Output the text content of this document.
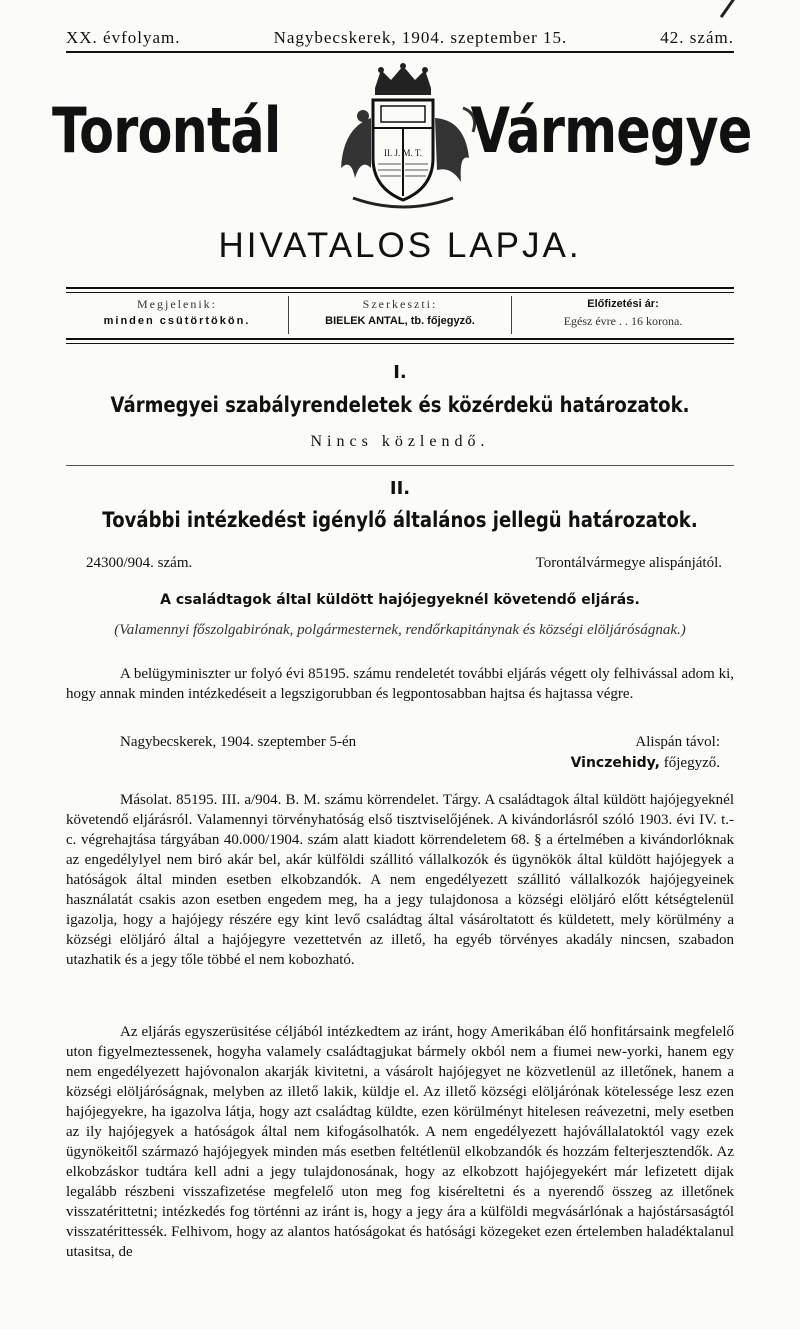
XX. évfolyam.	Nagybecskerek, 1904. szeptember 15.	42. szám.
Torontál	II. J. M. T. Vármegye
HIVATALOS LAPJA.
Megjelenik:
minden csütörtökön.
Szerkeszti:
BIELEK ANTAL, tb. főjegyző.
Előfizetési ár:
Egész évre . . 16 korona.
I.
Vármegyei szabályrendeletek és közérdekü határozatok.
Nincs közlendő.
II.
További intézkedést igénylő általános jellegü határozatok.
24300/904. szám.	Torontálvármegye alispánjától.
A családtagok által küldött hajójegyeknél követendő eljárás.
(Valamennyi főszolgabirónak, polgármesternek, rendőrkapitánynak és községi elöljáróságnak.)
A belügyminiszter ur folyó évi 85195. számu rendeletét további eljárás végett oly felhivással adom ki, hogy annak minden intézkedéseit a legszigorubban és legpontosabban hajtsa és hajtassa végre.
Nagybecskerek, 1904. szeptember 5-én	Alispán távol:
Vinczehidy, főjegyző.
Másolat. 85195. III. a/904. B. M. számu körrendelet. Tárgy. A családtagok által küldött hajójegyeknél követendő eljárásról. Valamennyi törvényhatóság első tisztviselőjének. A kivándorlásról szóló 1903. évi IV. t.-c. végrehajtása tárgyában 40.000/1904. szám alatt kiadott körrendeletem 68. § a értelmében a kivándorlóknak az engedélylyel nem biró akár bel, akár külföldi szállitó vállalkozók és ügynökök által küldött hajójegyek a hatóságok által minden esetben elkobzandók. A nem engedélyezett szállitó vállalkozók hajójegyeinek használatát csakis azon esetben engedem meg, ha a jegy tulajdonosa a községi elöljáró előtt kétségtelenül igazolja, hogy a hajójegy részére egy kint levő családtag által vásároltatott és küldetett, mely körülmény a községi elöljáró által a hajójegyre vezettetvén az illető, ha egyéb törvényes akadály nincsen, szabadon utazhatik és a jegy tőle többé el nem kobozható.
Az eljárás egyszerüsitése céljából intézkedtem az iránt, hogy Amerikában élő honfitársaink megfelelő uton figyelmeztessenek, hogyha valamely családtagjukat bármely okból nem a fiumei new-yorki, hanem egy nem engedélyezett hajóvonalon akarják kivitetni, a vásárolt hajójegyet ne közvetlenül az illetőnek, hanem a községi elöljáróságnak, melyben az illető lakik, küldje el. Az illető községi elöljárónak kötelessége lesz ezen hajójegyekre, ha igazolva látja, hogy azt családtag küldte, ezen körülményt hitelesen reávezetni, mely esetben az ily hajójegyek a hatóságok által nem kifogásolhatók. A nem engedélyezett hajóvállalatoktól vagy ezek ügynökeitől származó hajójegyek minden más esetben feltétlenül elkobzandók és hozzám felterjesztendők. Az elkobzáskor tudtára kell adni a jegy tulajdonosának, hogy az elkobzott hajójegyekért már lefizetett dijak legalább részbeni visszafizetése megfelelő uton meg fog kiséreltetni és a nyerendő összeg az illetőnek visszatérittetni; intézkedés fog történni az iránt is, hogy a jegy ára a külföldi megvásárlónak a hajóstársaságtól visszatérittessék. Felhivom, hogy az alantos hatóságokat és hatósági közegeket ezen értelemben haladéktalanul utasitsa, de
